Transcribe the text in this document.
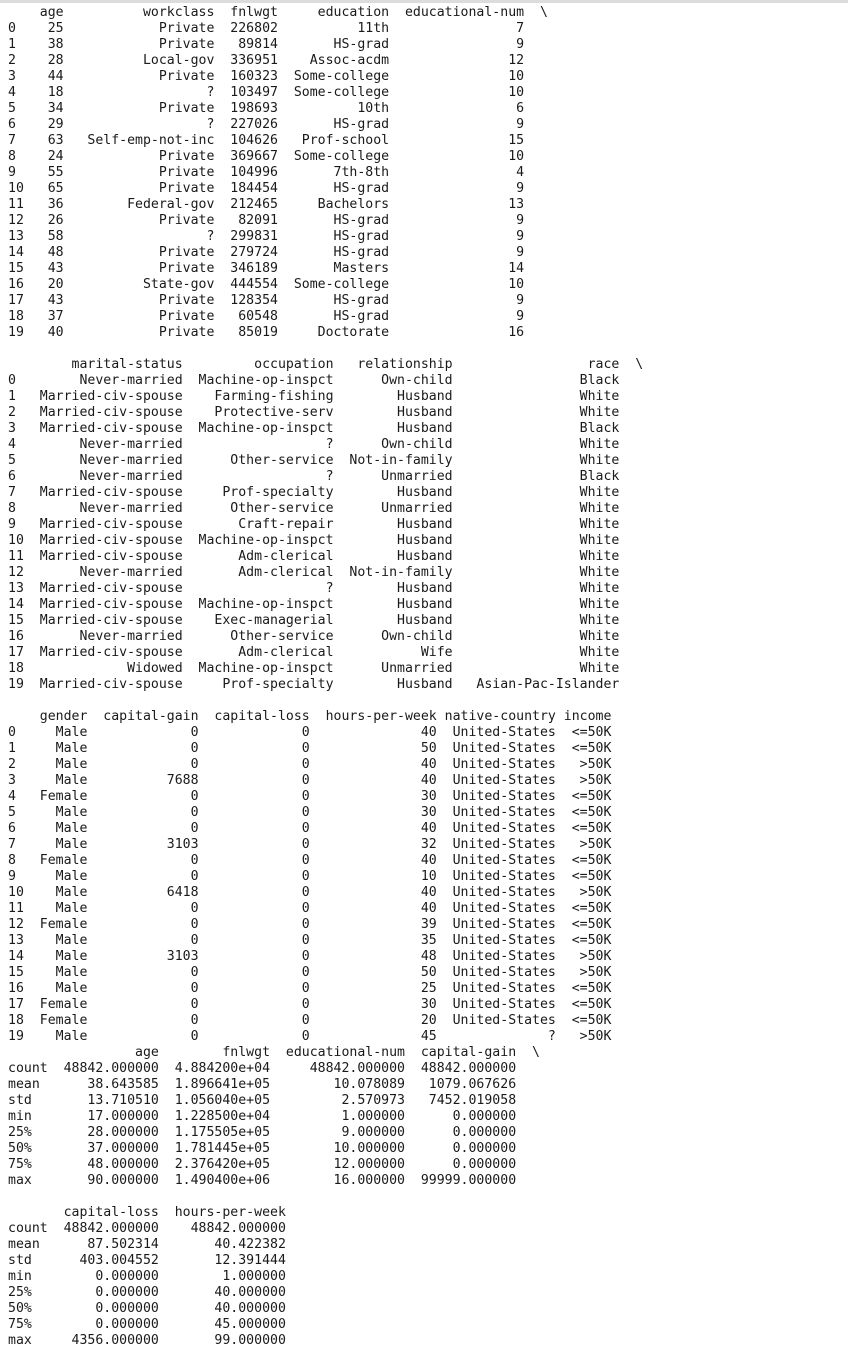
age          workclass  fnlwgt     education  educational-num  \
0    25            Private  226802          11th                7
1    38            Private   89814       HS-grad                9
2    28          Local-gov  336951    Assoc-acdm               12
3    44            Private  160323  Some-college               10
4    18                  ?  103497  Some-college               10
5    34            Private  198693          10th                6
6    29                  ?  227026       HS-grad                9
7    63   Self-emp-not-inc  104626   Prof-school               15
8    24            Private  369667  Some-college               10
9    55            Private  104996       7th-8th                4
10   65            Private  184454       HS-grad                9
11   36        Federal-gov  212465     Bachelors               13
12   26            Private   82091       HS-grad                9
13   58                  ?  299831       HS-grad                9
14   48            Private  279724       HS-grad                9
15   43            Private  346189       Masters               14
16   20          State-gov  444554  Some-college               10
17   43            Private  128354       HS-grad                9
18   37            Private   60548       HS-grad                9
19   40            Private   85019     Doctorate               16
marital-status         occupation   relationship                 race  \
0        Never-married  Machine-op-inspct      Own-child                Black
1   Married-civ-spouse    Farming-fishing        Husband                White
2   Married-civ-spouse    Protective-serv        Husband                White
3   Married-civ-spouse  Machine-op-inspct        Husband                Black
4        Never-married                  ?      Own-child                White
5        Never-married      Other-service  Not-in-family                White
6        Never-married                  ?      Unmarried                Black
7   Married-civ-spouse     Prof-specialty        Husband                White
8        Never-married      Other-service      Unmarried                White
9   Married-civ-spouse       Craft-repair        Husband                White
10  Married-civ-spouse  Machine-op-inspct        Husband                White
11  Married-civ-spouse       Adm-clerical        Husband                White
12       Never-married       Adm-clerical  Not-in-family                White
13  Married-civ-spouse                  ?        Husband                White
14  Married-civ-spouse  Machine-op-inspct        Husband                White
15  Married-civ-spouse    Exec-managerial        Husband                White
16       Never-married      Other-service      Own-child                White
17  Married-civ-spouse       Adm-clerical           Wife                White
18             Widowed  Machine-op-inspct      Unmarried                White
19  Married-civ-spouse     Prof-specialty        Husband   Asian-Pac-Islander
gender  capital-gain  capital-loss  hours-per-week native-country income
0     Male             0             0              40  United-States  <=50K
1     Male             0             0              50  United-States  <=50K
2     Male             0             0              40  United-States   >50K
3     Male          7688             0              40  United-States   >50K
4   Female             0             0              30  United-States  <=50K
5     Male             0             0              30  United-States  <=50K
6     Male             0             0              40  United-States  <=50K
7     Male          3103             0              32  United-States   >50K
8   Female             0             0              40  United-States  <=50K
9     Male             0             0              10  United-States  <=50K
10    Male          6418             0              40  United-States   >50K
11    Male             0             0              40  United-States  <=50K
12  Female             0             0              39  United-States  <=50K
13    Male             0             0              35  United-States  <=50K
14    Male          3103             0              48  United-States   >50K
15    Male             0             0              50  United-States   >50K
16    Male             0             0              25  United-States  <=50K
17  Female             0             0              30  United-States  <=50K
18  Female             0             0              20  United-States  <=50K
19    Male             0             0              45              ?   >50K
age        fnlwgt  educational-num  capital-gain  \
count  48842.000000  4.884200e+04     48842.000000  48842.000000
mean      38.643585  1.896641e+05        10.078089   1079.067626
std       13.710510  1.056040e+05         2.570973   7452.019058
min       17.000000  1.228500e+04         1.000000      0.000000
25%       28.000000  1.175505e+05         9.000000      0.000000
50%       37.000000  1.781445e+05        10.000000      0.000000
75%       48.000000  2.376420e+05        12.000000      0.000000
max       90.000000  1.490400e+06        16.000000  99999.000000
capital-loss  hours-per-week
count  48842.000000    48842.000000
mean      87.502314       40.422382
std      403.004552       12.391444
min        0.000000        1.000000
25%        0.000000       40.000000
50%        0.000000       40.000000
75%        0.000000       45.000000
max     4356.000000       99.000000
